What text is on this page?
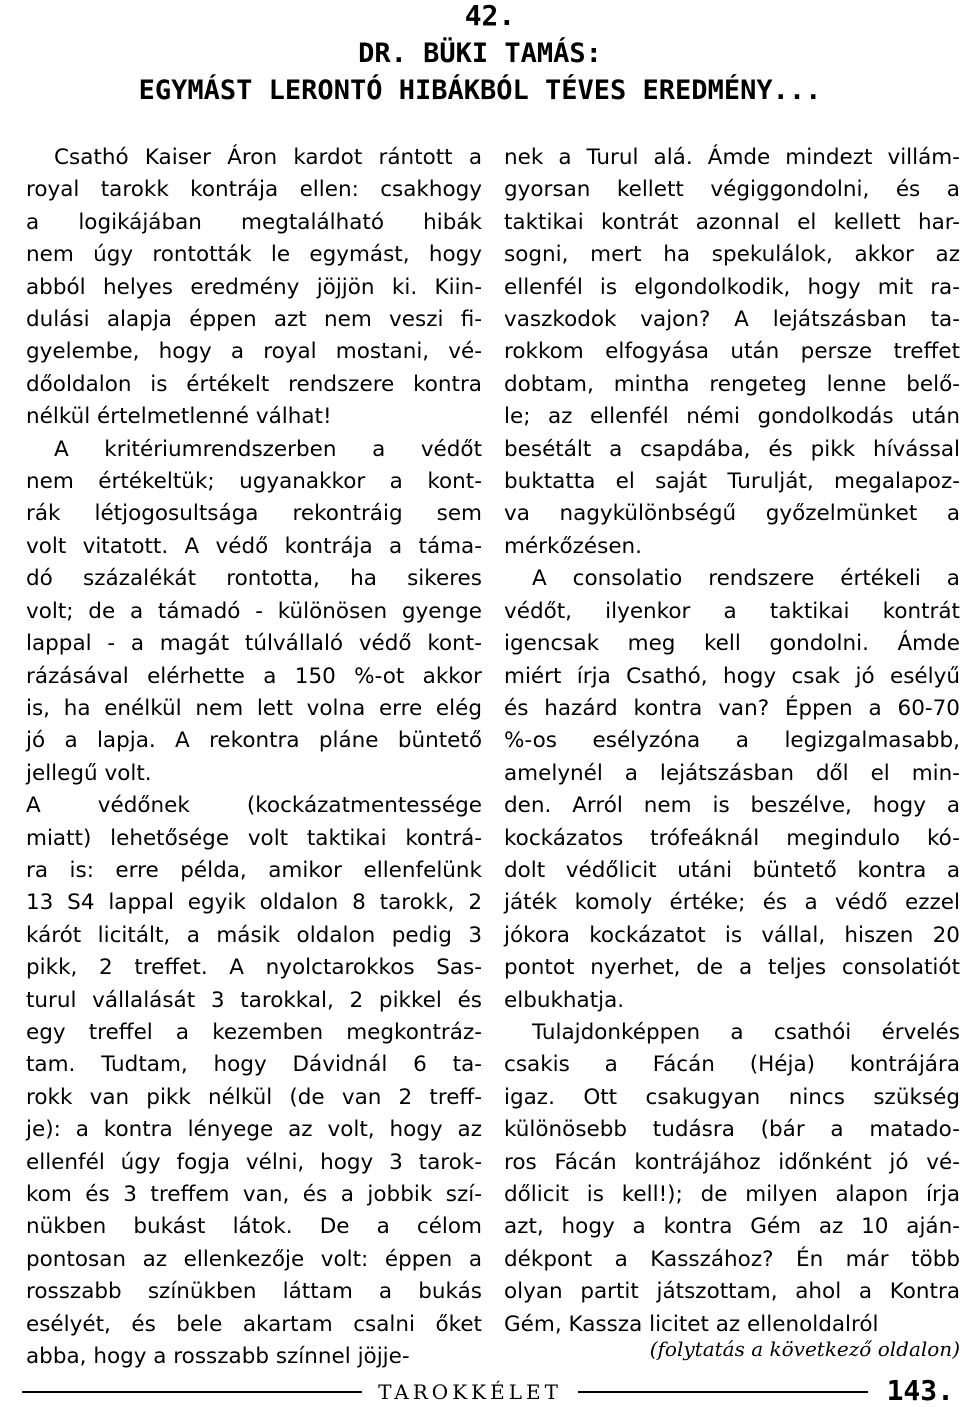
42.
DR. BÜKI TAMÁS:
EGYMÁST LERONTÓ HIBÁKBÓL TÉVES EREDMÉNY...
Csathó Kaiser Áron kardot rántott a
royal tarokk kontrája ellen: csakhogy
a logikájában megtalálható hibák
nem úgy rontották le egymást, hogy
abból helyes eredmény jöjjön ki. Kiin-
dulási alapja éppen azt nem veszi fi-
gyelembe, hogy a royal mostani, vé-
dőoldalon is értékelt rendszere kontra
nélkül értelmetlenné válhat!
A kritériumrendszerben a védőt
nem értékeltük; ugyanakkor a kont-
rák létjogosultsága rekontráig sem
volt vitatott. A védő kontrája a táma-
dó százalékát rontotta, ha sikeres
volt; de a támadó - különösen gyenge
lappal - a magát túlvállaló védő kont-
rázásával elérhette a 150 %-ot akkor
is, ha enélkül nem lett volna erre elég
jó a lapja. A rekontra pláne büntető
jellegű volt.
A védőnek (kockázatmentessége
miatt) lehetősége volt taktikai kontrá-
ra is: erre példa, amikor ellenfelünk
13 S4 lappal egyik oldalon 8 tarokk, 2
kárót licitált, a másik oldalon pedig 3
pikk, 2 treffet. A nyolctarokkos Sas-
turul vállalását 3 tarokkal, 2 pikkel és
egy treffel a kezemben megkontráz-
tam. Tudtam, hogy Dávidnál 6 ta-
rokk van pikk nélkül (de van 2 treff-
je): a kontra lényege az volt, hogy az
ellenfél úgy fogja vélni, hogy 3 tarok-
kom és 3 treffem van, és a jobbik szí-
nükben bukást látok. De a célom
pontosan az ellenkezője volt: éppen a
rosszabb színükben láttam a bukás
esélyét, és bele akartam csalni őket
abba, hogy a rosszabb színnel jöjje-
nek a Turul alá. Ámde mindezt villám-
gyorsan kellett végiggondolni, és a
taktikai kontrát azonnal el kellett har-
sogni, mert ha spekulálok, akkor az
ellenfél is elgondolkodik, hogy mit ra-
vaszkodok vajon? A lejátszásban ta-
rokkom elfogyása után persze treffet
dobtam, mintha rengeteg lenne belő-
le; az ellenfél némi gondolkodás után
besétált a csapdába, és pikk hívással
buktatta el saját Turulját, megalapoz-
va nagykülönbségű győzelmünket a
mérkőzésen.
A consolatio rendszere értékeli a
védőt, ilyenkor a taktikai kontrát
igencsak meg kell gondolni. Ámde
miért írja Csathó, hogy csak jó esélyű
és hazárd kontra van? Éppen a 60-70
%-os esélyzóna a legizgalmasabb,
amelynél a lejátszásban dől el min-
den. Arról nem is beszélve, hogy a
kockázatos trófeáknál megindulo kó-
dolt védőlicit utáni büntető kontra a
játék komoly értéke; és a védő ezzel
jókora kockázatot is vállal, hiszen 20
pontot nyerhet, de a teljes consolatiót
elbukhatja.
Tulajdonképpen a csathói érvelés
csakis a Fácán (Héja) kontrájára
igaz. Ott csakugyan nincs szükség
különösebb tudásra (bár a matado-
ros Fácán kontrájához időnként jó vé-
dőlicit is kell!); de milyen alapon írja
azt, hogy a kontra Gém az 10 aján-
dékpont a Kasszához? Én már több
olyan partit játszottam, ahol a Kontra
Gém, Kassza licitet az ellenoldalról
(folytatás a következő oldalon)
TAROKKÉLET	143.
